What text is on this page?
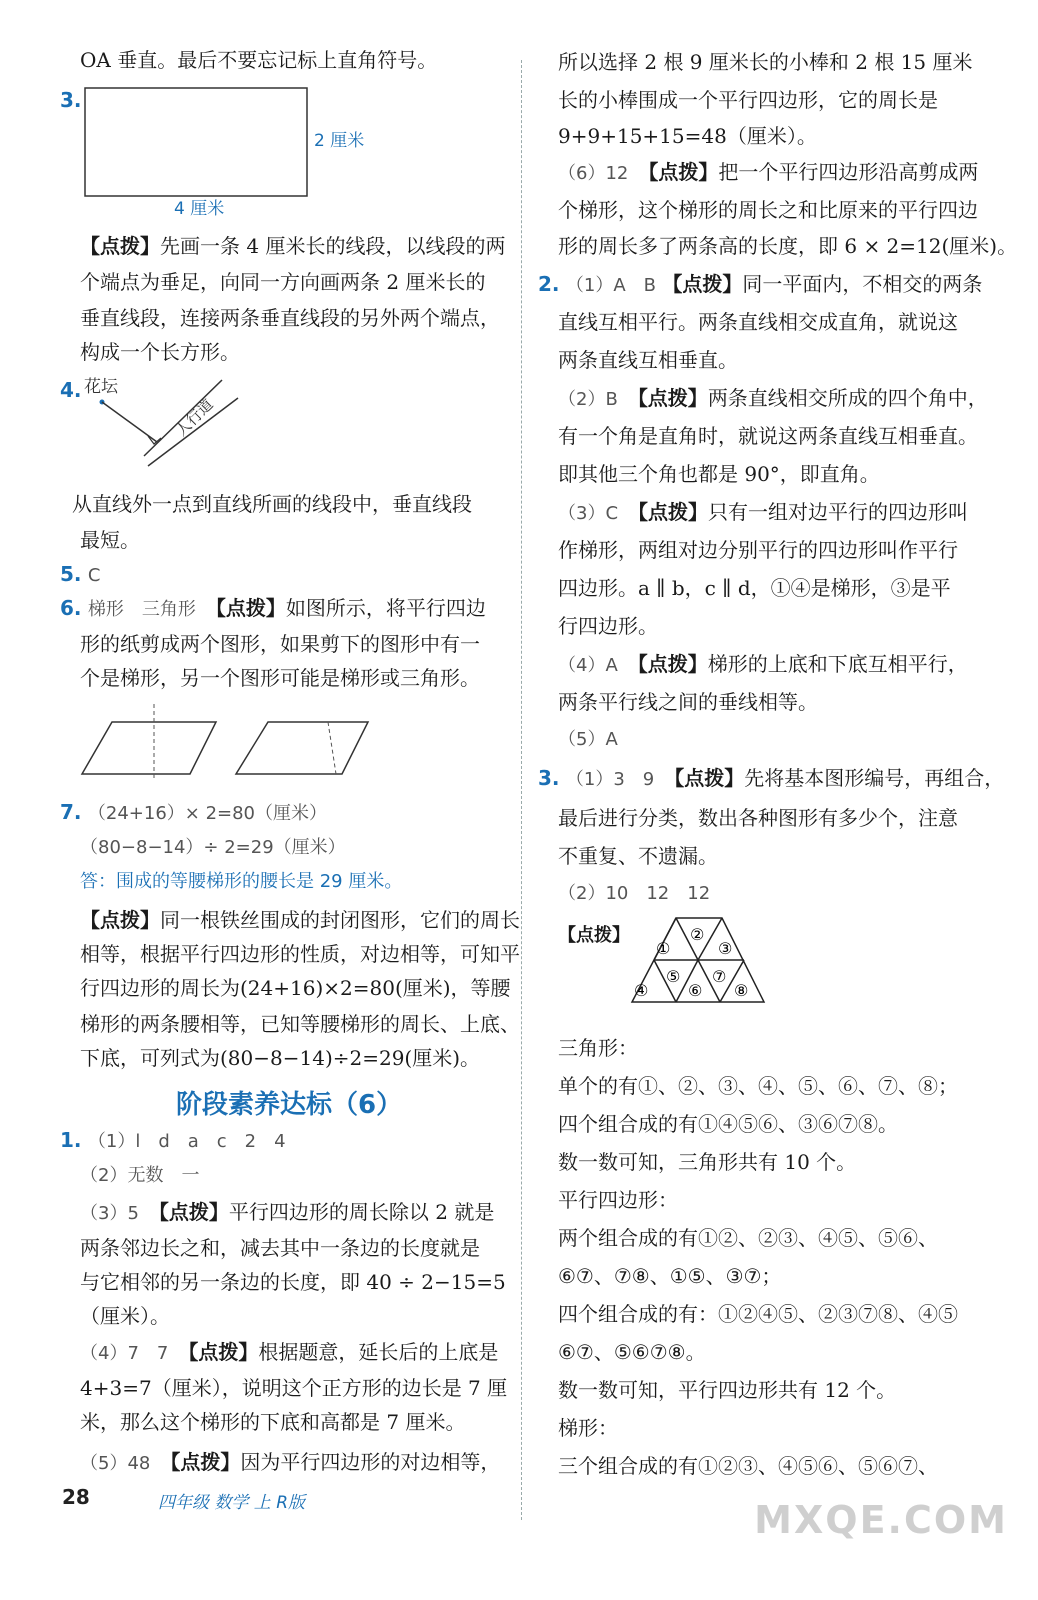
OA 垂直。最后不要忘记标上直角符号。
3.
2 厘米
4 厘米
【点拨】先画一条 4 厘米长的线段，以线段的两
个端点为垂足，向同一方向画两条 2 厘米长的
垂直线段，连接两条垂直线段的另外两个端点，
构成一个长方形。
4. 花坛
人行道
从直线外一点到直线所画的线段中，垂直线段
最短。
5. C
6. 梯形　三角形　 【点拨】如图所示，将平行四边
形的纸剪成两个图形，如果剪下的图形中有一
个是梯形，另一个图形可能是梯形或三角形。
7. （24+16）× 2=80（厘米）
（80−8−14）÷ 2=29（厘米）
答：围成的等腰梯形的腰长是 29 厘米。
【点拨】同一根铁丝围成的封闭图形，它们的周长
相等，根据平行四边形的性质，对边相等，可知平
行四边形的周长为(24+16)×2=80(厘米)，等腰
梯形的两条腰相等，已知等腰梯形的周长、上底、
下底，可列式为(80−8−14)÷2=29(厘米)。
阶段素养达标（6）
1. （1）l　d　a　c　2　4
（2）无数　一
（3）5　 【点拨】平行四边形的周长除以 2 就是
两条邻边长之和，减去其中一条边的长度就是
与它相邻的另一条边的长度，即 40 ÷ 2−15=5
（厘米）。
（4）7　7　 【点拨】根据题意，延长后的上底是
4+3=7（厘米），说明这个正方形的边长是 7 厘
米，那么这个梯形的下底和高都是 7 厘米。
（5）48　 【点拨】因为平行四边形的对边相等，
所以选择 2 根 9 厘米长的小棒和 2 根 15 厘米
长的小棒围成一个平行四边形，它的周长是
9+9+15+15=48（厘米）。
（6）12　 【点拨】把一个平行四边形沿高剪成两
个梯形，这个梯形的周长之和比原来的平行四边
形的周长多了两条高的长度，即 6 × 2=12(厘米)。
2. （1）A　B 【点拨】同一平面内，不相交的两条
直线互相平行。两条直线相交成直角，就说这
两条直线互相垂直。
（2）B　 【点拨】两条直线相交所成的四个角中，
有一个角是直角时，就说这两条直线互相垂直。
即其他三个角也都是 90°，即直角。
（3）C　 【点拨】只有一组对边平行的四边形叫
作梯形，两组对边分别平行的四边形叫作平行
四边形。a ∥ b，c ∥ d，①④是梯形，③是平
行四边形。
（4）A　 【点拨】梯形的上底和下底互相平行，
两条平行线之间的垂线相等。
（5）A
3. （1）3　9　 【点拨】先将基本图形编号，再组合，
最后进行分类，数出各种图形有多少个，注意
不重复、不遗漏。
（2）10　12　12
【点拨】
①
②
③
④
⑤
⑥
⑦
⑧
三角形：
单个的有①、②、③、④、⑤、⑥、⑦、⑧；
四个组合成的有①④⑤⑥、③⑥⑦⑧。
数一数可知，三角形共有 10 个。
平行四边形：
两个组合成的有①②、②③、④⑤、⑤⑥、
⑥⑦、⑦⑧、①⑤、③⑦；
四个组合成的有：①②④⑤、②③⑦⑧、④⑤
⑥⑦、⑤⑥⑦⑧。
数一数可知，平行四边形共有 12 个。
梯形：
三个组合成的有①②③、④⑤⑥、⑤⑥⑦、
28	四年级 数学 上 R版	MXQE.COM
